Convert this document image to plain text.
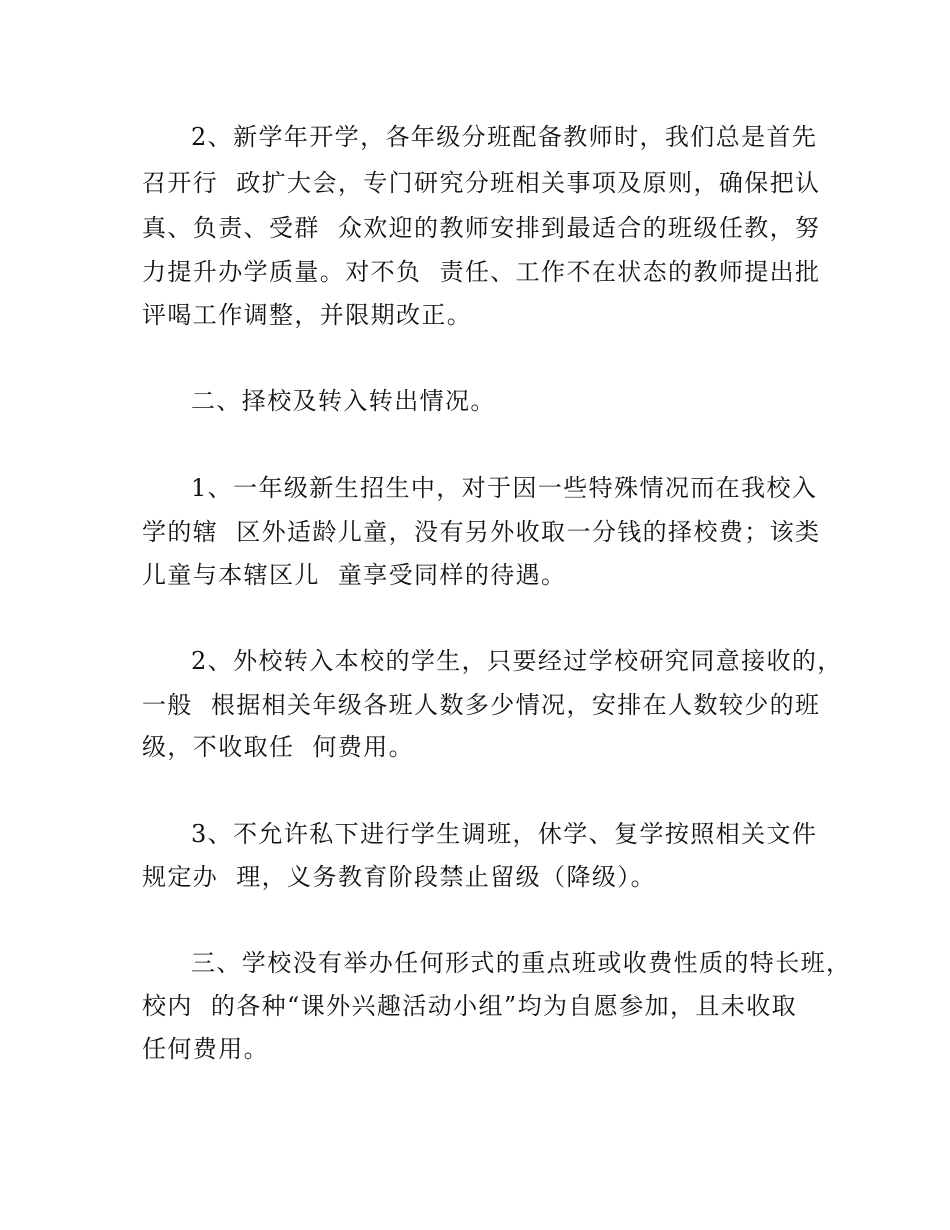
2、新学年开学，各年级分班配备教师时，我们总是首先
召开行  政扩大会，专门研究分班相关事项及原则，确保把认
真、负责、受群  众欢迎的教师安排到最适合的班级任教，努
力提升办学质量。对不负  责任、工作不在状态的教师提出批
评喝工作调整，并限期改正。
二、择校及转入转出情况。
1、一年级新生招生中，对于因一些特殊情况而在我校入
学的辖  区外适龄儿童，没有另外收取一分钱的择校费；该类
儿童与本辖区儿  童享受同样的待遇。
2、外校转入本校的学生，只要经过学校研究同意接收的，
一般  根据相关年级各班人数多少情况，安排在人数较少的班
级，不收取任  何费用。
3、不允许私下进行学生调班，休学、复学按照相关文件
规定办  理，义务教育阶段禁止留级（降级）。
三、学校没有举办任何形式的重点班或收费性质的特长班，
校内  的各种“课外兴趣活动小组”均为自愿参加，且未收取
任何费用。
